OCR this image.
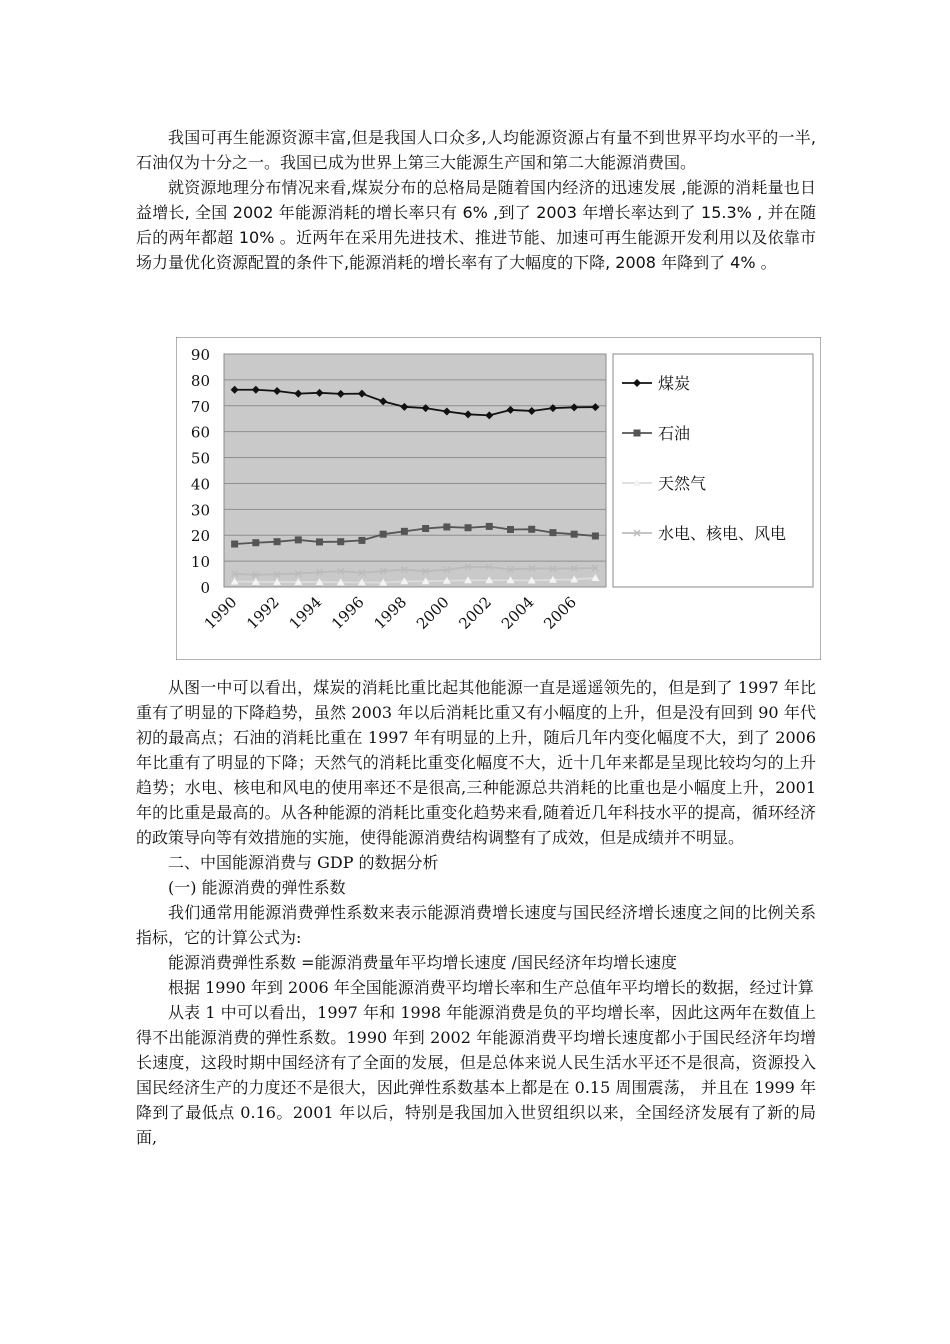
我国可再生能源资源丰富,但是我国人口众多,人均能源资源占有量不到世界平均水平的一半,石油仅为十分之一。我国已成为世界上第三大能源生产国和第二大能源消费国。

就资源地理分布情况来看,煤炭分布的总格局是随着国内经济的迅速发展 ,能源的消耗量也日益增长, 全国 2002 年能源消耗的增长率只有 6% ,到了 2003 年增长率达到了 15.3% , 并在随后的两年都超 10% 。近两年在采用先进技术、推进节能、加速可再生能源开发利用以及依靠市场力量优化资源配置的条件下,能源消耗的增长率有了大幅度的下降, 2008 年降到了 4% 。

0
10
20
30
40
50
60
70
80
90
1990 1992 1994 1996 1998 2000 2002 2004 2006
煤炭
石油
天然气
水电、核电、风电

从图一中可以看出，煤炭的消耗比重比起其他能源一直是遥遥领先的，但是到了 1997 年比重有了明显的下降趋势，虽然 2003 年以后消耗比重又有小幅度的上升，但是没有回到 90 年代初的最高点；石油的消耗比重在 1997 年有明显的上升，随后几年内变化幅度不大，到了 2006 年比重有了明显的下降；天然气的消耗比重变化幅度不大，近十几年来都是呈现比较均匀的上升趋势；水电、核电和风电的使用率还不是很高,三种能源总共消耗的比重也是小幅度上升，2001 年的比重是最高的。从各种能源的消耗比重变化趋势来看,随着近几年科技水平的提高，循环经济的政策导向等有效措施的实施，使得能源消费结构调整有了成效，但是成绩并不明显。

二、中国能源消费与 GDP 的数据分析

(一) 能源消费的弹性系数

我们通常用能源消费弹性系数来表示能源消费增长速度与国民经济增长速度之间的比例关系指标，它的计算公式为:

能源消费弹性系数 =能源消费量年平均增长速度 /国民经济年均增长速度

根据 1990 年到 2006 年全国能源消费平均增长率和生产总值年平均增长的数据，经过计算

从表 1 中可以看出，1997 年和 1998 年能源消费是负的平均增长率，因此这两年在数值上得不出能源消费的弹性系数。1990 年到 2002 年能源消费平均增长速度都小于国民经济年均增长速度，这段时期中国经济有了全面的发展，但是总体来说人民生活水平还不是很高，资源投入国民经济生产的力度还不是很大，因此弹性系数基本上都是在 0.15 周围震荡， 并且在 1999 年降到了最低点 0.16。2001 年以后，特别是我国加入世贸组织以来，全国经济发展有了新的局面,
